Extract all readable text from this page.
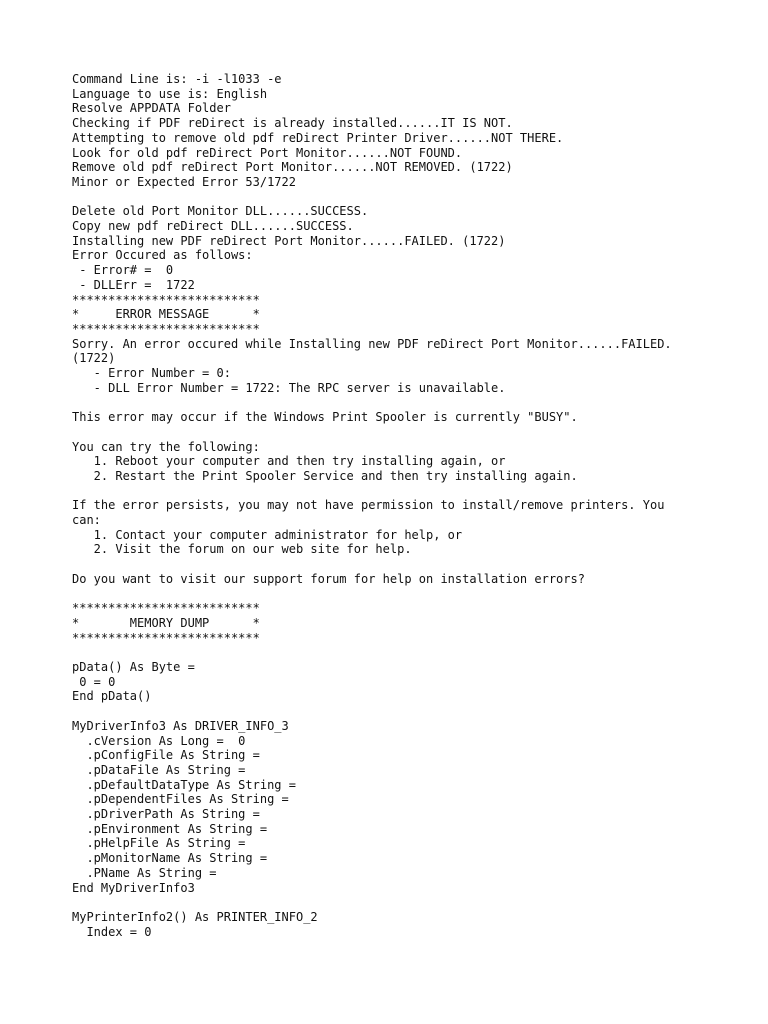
Command Line is: -i -l1033 -e
Language to use is: English
Resolve APPDATA Folder
Checking if PDF reDirect is already installed......IT IS NOT.
Attempting to remove old pdf reDirect Printer Driver......NOT THERE.
Look for old pdf reDirect Port Monitor......NOT FOUND.
Remove old pdf reDirect Port Monitor......NOT REMOVED. (1722)
Minor or Expected Error 53/1722
Delete old Port Monitor DLL......SUCCESS.
Copy new pdf reDirect DLL......SUCCESS.
Installing new PDF reDirect Port Monitor......FAILED. (1722)
Error Occured as follows:
- Error# =  0
- DLLErr =  1722
**************************
*     ERROR MESSAGE      *
**************************
Sorry. An error occured while Installing new PDF reDirect Port Monitor......FAILED.
(1722)
- Error Number = 0:
- DLL Error Number = 1722: The RPC server is unavailable.
This error may occur if the Windows Print Spooler is currently "BUSY".
You can try the following:
1. Reboot your computer and then try installing again, or
2. Restart the Print Spooler Service and then try installing again.
If the error persists, you may not have permission to install/remove printers. You
can:
1. Contact your computer administrator for help, or
2. Visit the forum on our web site for help.
Do you want to visit our support forum for help on installation errors?
**************************
*       MEMORY DUMP      *
**************************
pData() As Byte =
0 = 0
End pData()
MyDriverInfo3 As DRIVER_INFO_3
.cVersion As Long =  0
.pConfigFile As String =
.pDataFile As String =
.pDefaultDataType As String =
.pDependentFiles As String =
.pDriverPath As String =
.pEnvironment As String =
.pHelpFile As String =
.pMonitorName As String =
.PName As String =
End MyDriverInfo3
MyPrinterInfo2() As PRINTER_INFO_2
Index = 0
